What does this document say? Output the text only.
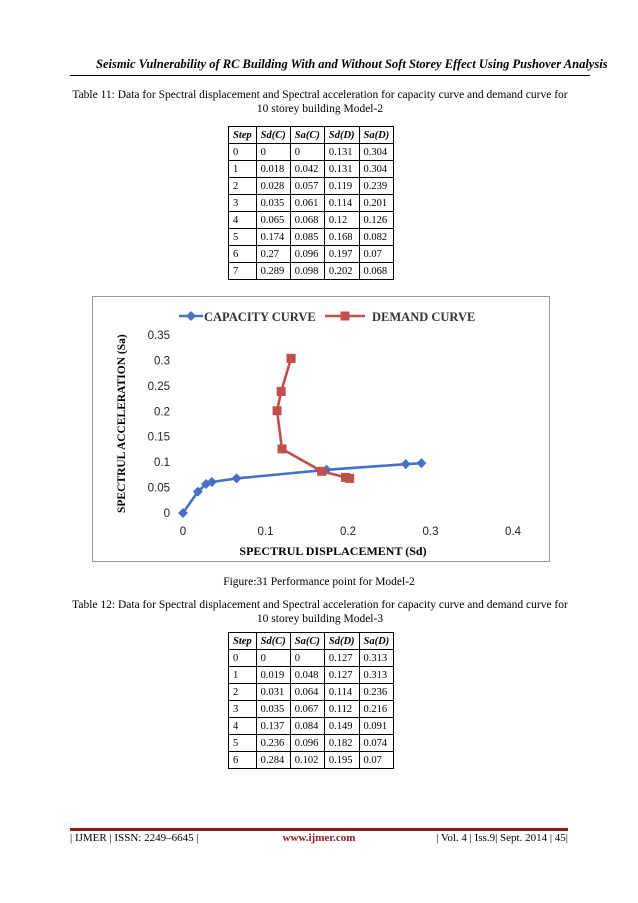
Seismic Vulnerability of RC Building With and Without Soft Storey Effect Using Pushover Analysis
Table 11: Data for Spectral displacement and Spectral acceleration for capacity curve and demand curve for 10 storey building Model-2
Step	Sd(C)	Sa(C)	Sd(D)	Sa(D)
0	0	0	0.131	0.304
1	0.018	0.042	0.131	0.304
2	0.028	0.057	0.119	0.239
3	0.035	0.061	0.114	0.201
4	0.065	0.068	0.12	0.126
5	0.174	0.085	0.168	0.082
6	0.27	0.096	0.197	0.07
7	0.289	0.098	0.202	0.068
CAPACITY CURVE	DEMAND CURVE
SPECTRUL ACCELERATION (Sa)
SPECTRUL DISPLACEMENT (Sd)
0
0.05
0.1
0.15
0.2
0.25
0.3
0.35
0	0.1	0.2	0.3	0.4
Figure:31 Performance point for Model-2
Table 12: Data for Spectral displacement and Spectral acceleration for capacity curve and demand curve for 10 storey building Model-3
Step	Sd(C)	Sa(C)	Sd(D)	Sa(D)
0	0	0	0.127	0.313
1	0.019	0.048	0.127	0.313
2	0.031	0.064	0.114	0.236
3	0.035	0.067	0.112	0.216
4	0.137	0.084	0.149	0.091
5	0.236	0.096	0.182	0.074
6	0.284	0.102	0.195	0.07
| IJMER | ISSN: 2249–6645 |	www.ijmer.com	| Vol. 4 | Iss.9| Sept. 2014 | 45|
